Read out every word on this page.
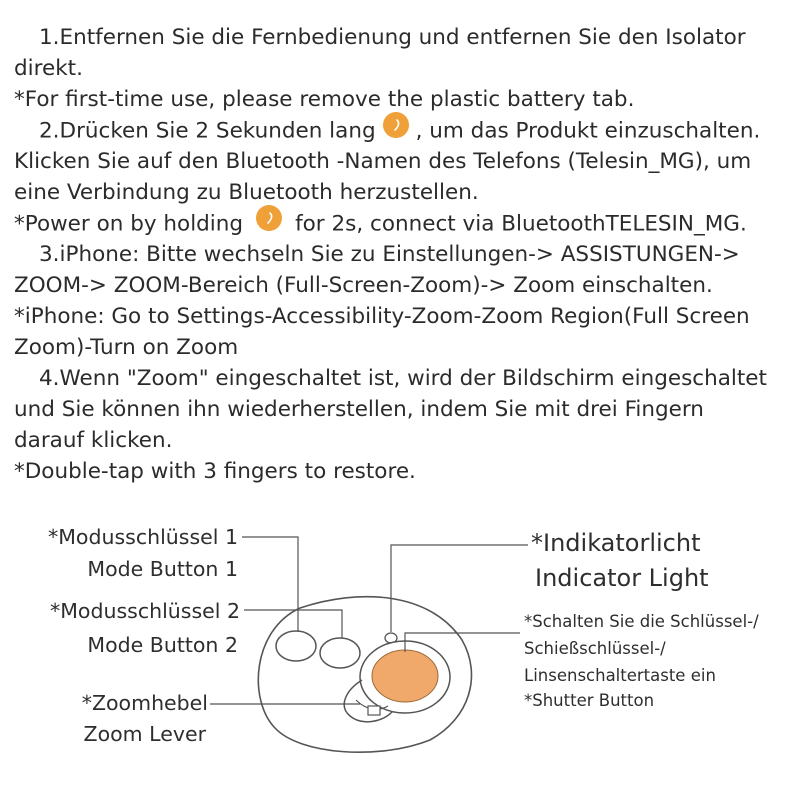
1.Entfernen Sie die Fernbedienung und entfernen Sie den Isolator

direkt.

*For first-time use, please remove the plastic battery tab.

2.Drücken Sie 2 Sekunden lang , um das Produkt einzuschalten.

Klicken Sie auf den Bluetooth -Namen des Telefons (Telesin_MG), um

eine Verbindung zu Bluetooth herzustellen.

*Power on by holding for 2s, connect via BluetoothTELESIN_MG.

3.iPhone: Bitte wechseln Sie zu Einstellungen-> ASSISTUNGEN->

ZOOM-> ZOOM-Bereich (Full-Screen-Zoom)-> Zoom einschalten.

*iPhone: Go to Settings-Accessibility-Zoom-Zoom Region(Full Screen

Zoom)-Turn on Zoom

4.Wenn "Zoom" eingeschaltet ist, wird der Bildschirm eingeschaltet

und Sie können ihn wiederherstellen, indem Sie mit drei Fingern

darauf klicken.

*Double-tap with 3 fingers to restore.

*Modusschlüssel 1
Mode Button 1
*Modusschlüssel 2
Mode Button 2
*Zoomhebel
Zoom Lever
*Indikatorlicht
Indicator Light
*Schalten Sie die Schlüssel-/
Schießschlüssel-/
Linsenschaltertaste ein
*Shutter Button
